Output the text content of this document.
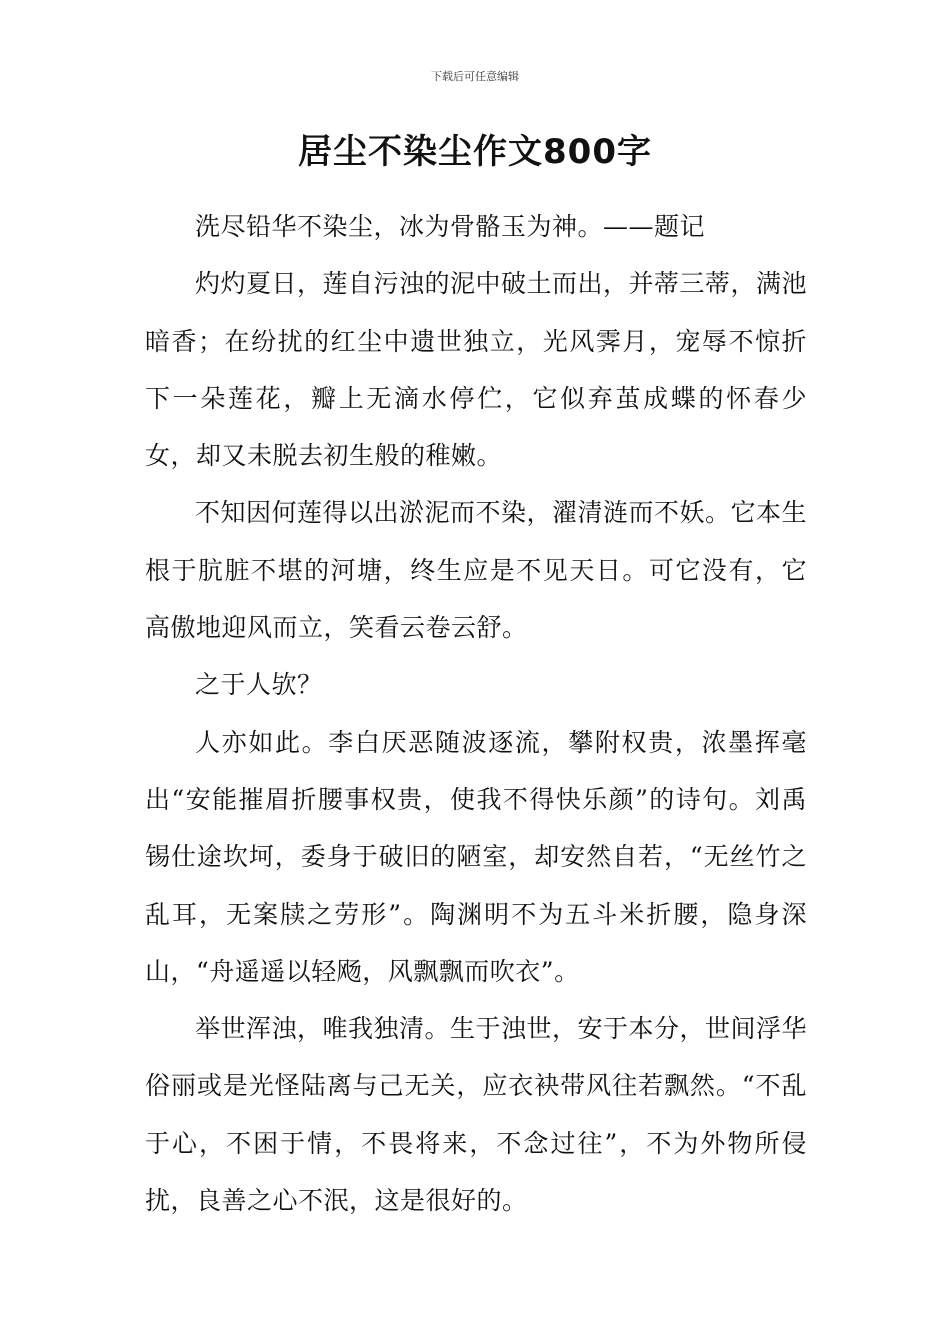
下载后可任意编辑
居尘不染尘作文800字

洗尽铅华不染尘，冰为骨骼玉为神。——题记

灼灼夏日，莲自污浊的泥中破土而出，并蒂三蒂，满池暗香；在纷扰的红尘中遗世独立，光风霁月，宠辱不惊折下一朵莲花，瓣上无滴水停伫，它似弃茧成蝶的怀春少女，却又未脱去初生般的稚嫩。

不知因何莲得以出淤泥而不染，濯清涟而不妖。它本生根于肮脏不堪的河塘，终生应是不见天日。可它没有，它高傲地迎风而立，笑看云卷云舒。

之于人欤？

人亦如此。李白厌恶随波逐流，攀附权贵，浓墨挥毫出“安能摧眉折腰事权贵，使我不得快乐颜”的诗句。刘禹锡仕途坎坷，委身于破旧的陋室，却安然自若，“无丝竹之乱耳，无案牍之劳形”。陶渊明不为五斗米折腰，隐身深山，“舟遥遥以轻飏，风飘飘而吹衣”。

举世浑浊，唯我独清。生于浊世，安于本分，世间浮华俗丽或是光怪陆离与己无关，应衣袂带风往若飘然。“不乱于心，不困于情，不畏将来，不念过往”，不为外物所侵扰，良善之心不泯，这是很好的。
